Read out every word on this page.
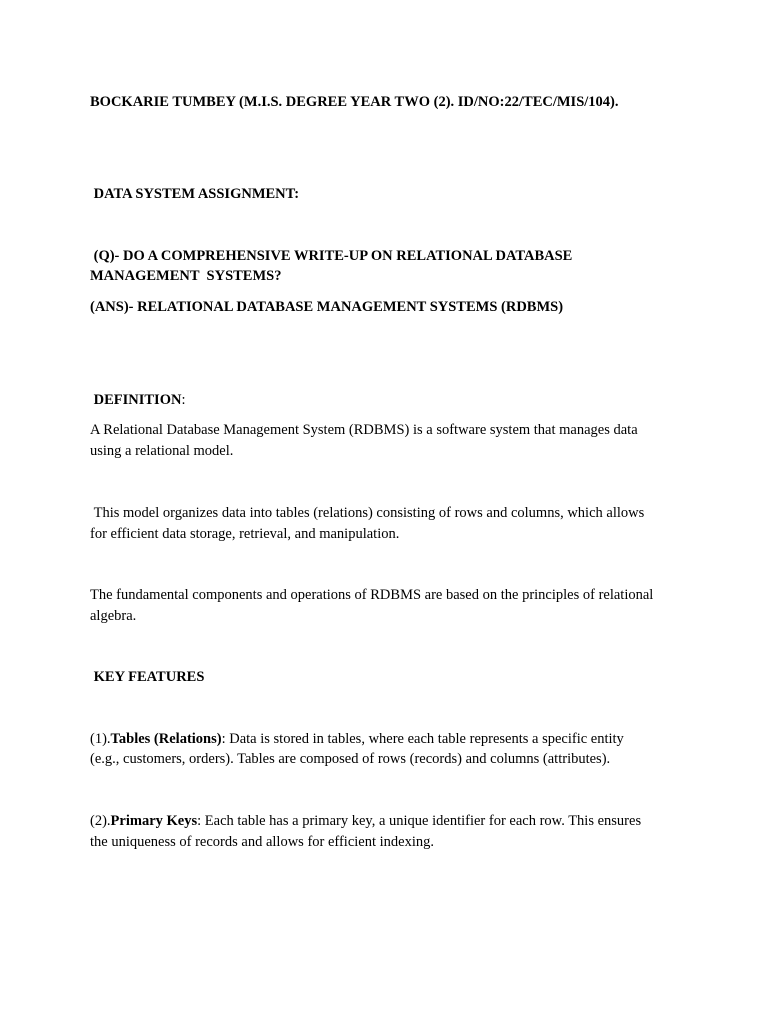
BOCKARIE TUMBEY (M.I.S. DEGREE YEAR TWO (2). ID/NO:22/TEC/MIS/104).
DATA SYSTEM ASSIGNMENT:
(Q)- DO A COMPREHENSIVE WRITE-UP ON RELATIONAL DATABASE
MANAGEMENT  SYSTEMS?
(ANS)- RELATIONAL DATABASE MANAGEMENT SYSTEMS (RDBMS)
DEFINITION:
A Relational Database Management System (RDBMS) is a software system that manages data
using a relational model.
This model organizes data into tables (relations) consisting of rows and columns, which allows
for efficient data storage, retrieval, and manipulation.
The fundamental components and operations of RDBMS are based on the principles of relational
algebra.
KEY FEATURES
(1).Tables (Relations): Data is stored in tables, where each table represents a specific entity
(e.g., customers, orders). Tables are composed of rows (records) and columns (attributes).
(2).Primary Keys: Each table has a primary key, a unique identifier for each row. This ensures
the uniqueness of records and allows for efficient indexing.
